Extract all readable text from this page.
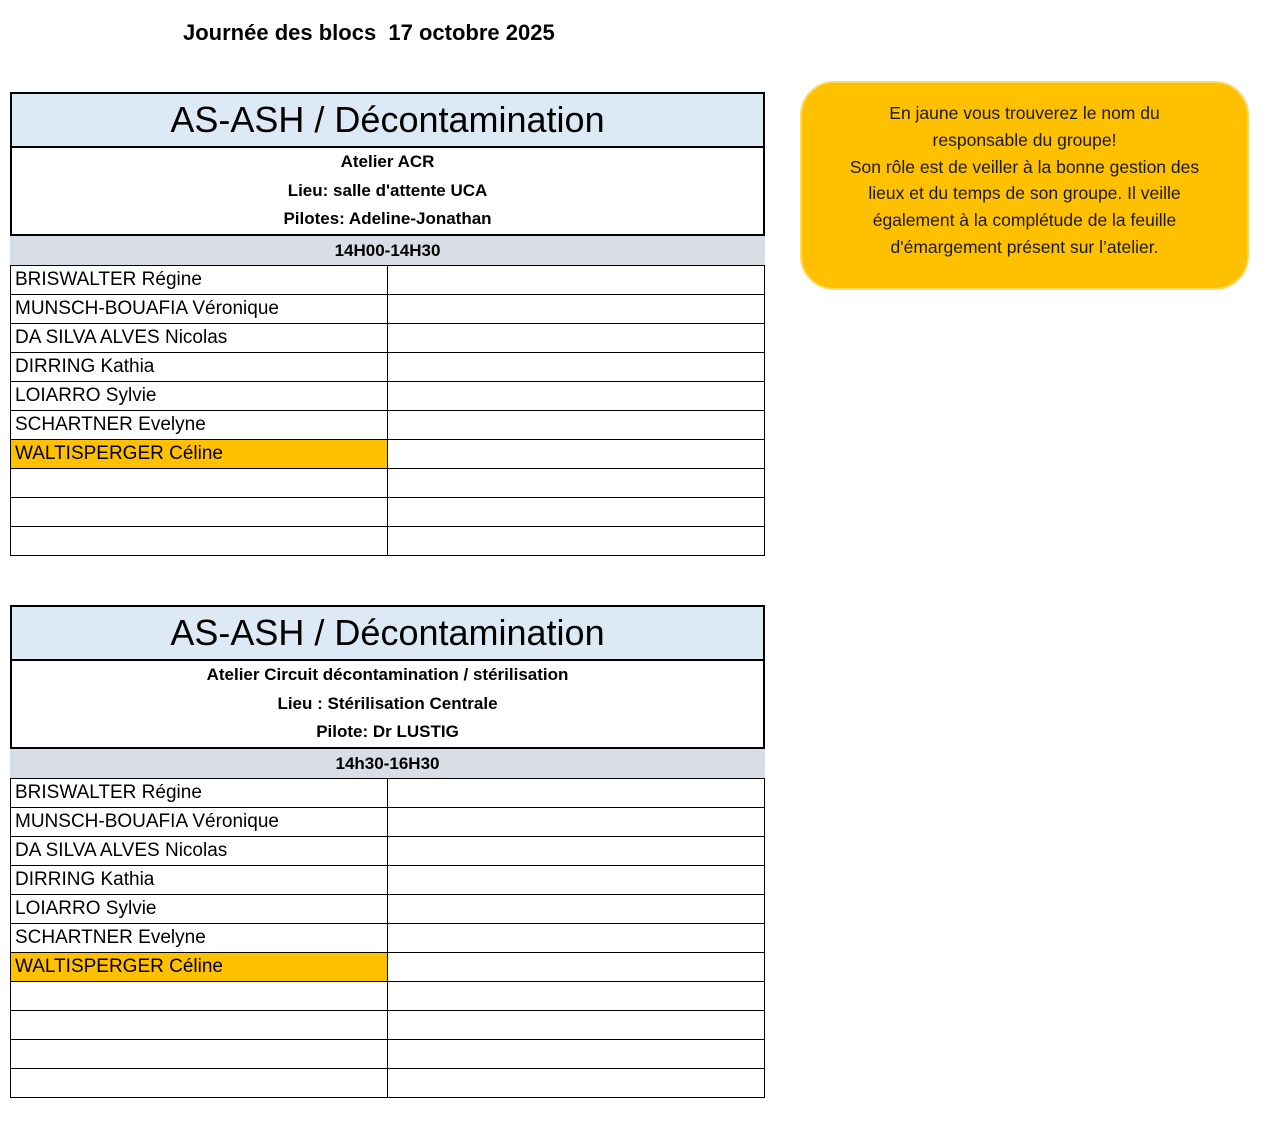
Journée des blocs  17 octobre 2025
AS-ASH / Décontamination
Atelier ACR
Lieu: salle d'attente UCA
Pilotes: Adeline-Jonathan
14H00-14H30
BRISWALTER Régine	
MUNSCH-BOUAFIA Véronique	
DA SILVA ALVES Nicolas	
DIRRING Kathia	
LOIARRO Sylvie	
SCHARTNER Evelyne	
WALTISPERGER Céline	

AS-ASH / Décontamination
Atelier Circuit décontamination / stérilisation
Lieu : Stérilisation Centrale
Pilote: Dr LUSTIG
14h30-16H30
BRISWALTER Régine	
MUNSCH-BOUAFIA Véronique	
DA SILVA ALVES Nicolas	
DIRRING Kathia	
LOIARRO Sylvie	
SCHARTNER Evelyne	
WALTISPERGER Céline	

En jaune vous trouverez le nom du
responsable du groupe!
Son rôle est de veiller à la bonne gestion des
lieux et du temps de son groupe. Il veille
également à la complétude de la feuille
d'émargement présent sur l’atelier.
